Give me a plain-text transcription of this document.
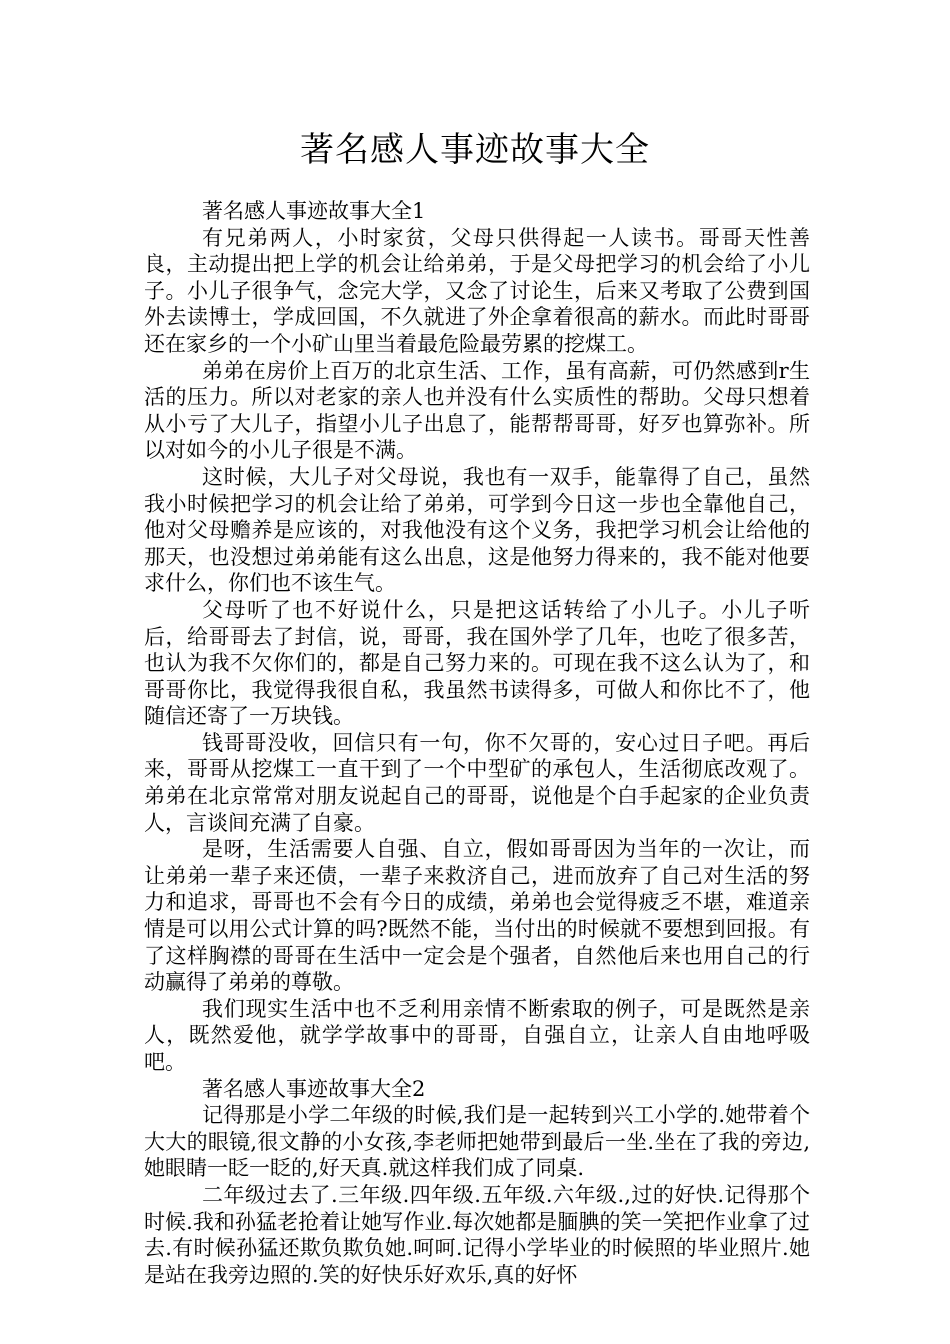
著名感人事迹故事大全

著名感人事迹故事大全1

有兄弟两人，小时家贫，父母只供得起一人读书。哥哥天性善良，主动提出把上学的机会让给弟弟，于是父母把学习的机会给了小儿子。小儿子很争气，念完大学，又念了讨论生，后来又考取了公费到国外去读博士，学成回国，不久就进了外企拿着很高的薪水。而此时哥哥还在家乡的一个小矿山里当着最危险最劳累的挖煤工。

弟弟在房价上百万的北京生活、工作，虽有高薪，可仍然感到r生活的压力。所以对老家的亲人也并没有什么实质性的帮助。父母只想着从小亏了大儿子，指望小儿子出息了，能帮帮哥哥，好歹也算弥补。所以对如今的小儿子很是不满。

这时候，大儿子对父母说，我也有一双手，能靠得了自己，虽然我小时候把学习的机会让给了弟弟，可学到今日这一步也全靠他自己，他对父母赡养是应该的，对我他没有这个义务，我把学习机会让给他的那天，也没想过弟弟能有这么出息，这是他努力得来的，我不能对他要求什么，你们也不该生气。

父母听了也不好说什么，只是把这话转给了小儿子。小儿子听后，给哥哥去了封信，说，哥哥，我在国外学了几年，也吃了很多苦，也认为我不欠你们的，都是自己努力来的。可现在我不这么认为了，和哥哥你比，我觉得我很自私，我虽然书读得多，可做人和你比不了，他随信还寄了一万块钱。

钱哥哥没收，回信只有一句，你不欠哥的，安心过日子吧。再后来，哥哥从挖煤工一直干到了一个中型矿的承包人，生活彻底改观了。弟弟在北京常常对朋友说起自己的哥哥，说他是个白手起家的企业负责人，言谈间充满了自豪。

是呀，生活需要人自强、自立，假如哥哥因为当年的一次让，而让弟弟一辈子来还债，一辈子来救济自己，进而放弃了自己对生活的努力和追求，哥哥也不会有今日的成绩，弟弟也会觉得疲乏不堪，难道亲情是可以用公式计算的吗?既然不能，当付出的时候就不要想到回报。有了这样胸襟的哥哥在生活中一定会是个强者，自然他后来也用自己的行动赢得了弟弟的尊敬。

我们现实生活中也不乏利用亲情不断索取的例子，可是既然是亲人，既然爱他，就学学故事中的哥哥，自强自立，让亲人自由地呼吸吧。

著名感人事迹故事大全2

记得那是小学二年级的时候,我们是一起转到兴工小学的.她带着个大大的眼镜,很文静的小女孩,李老师把她带到最后一坐.坐在了我的旁边,她眼睛一眨一眨的,好天真.就这样我们成了同桌.

二年级过去了.三年级.四年级.五年级.六年级.,过的好快.记得那个时候.我和孙猛老抢着让她写作业.每次她都是腼腆的笑一笑把作业拿了过去.有时候孙猛还欺负欺负她.呵呵.记得小学毕业的时候照的毕业照片.她是站在我旁边照的.笑的好快乐好欢乐,真的好怀
